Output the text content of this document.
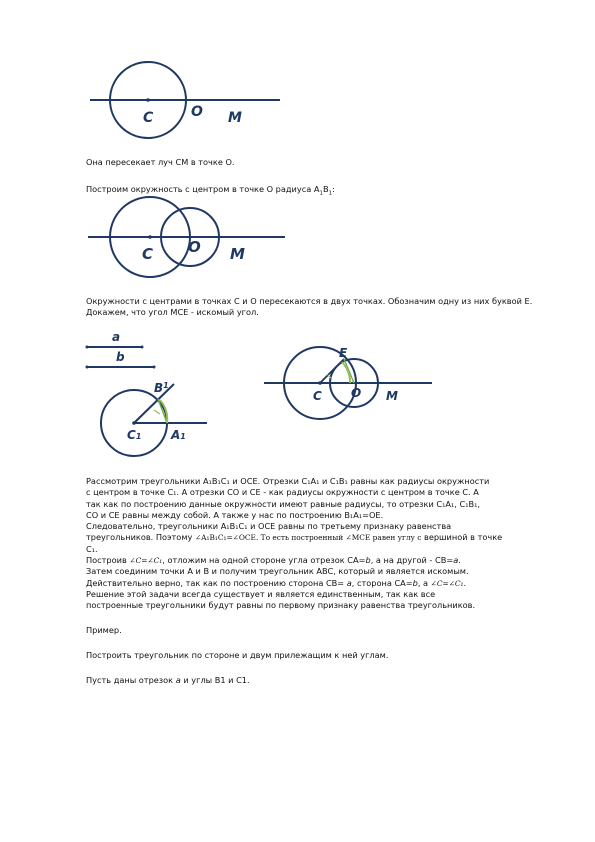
C	O M

Она пересекает луч СМ в точке О.

Построим окружность с центром в точке О радиуса $А_1В_1$:

C O M

Окружности с центрами в точках С и О пересекаются в двух точках. Обозначим одну из них буквой Е. Докажем, что угол МСЕ - искомый угол.

a
b
$B^1$
C1 A1
E
C O M
Рассмотрим треугольники A₁B₁C₁ и OCE. Отрезки C₁A₁ и C₁B₁ равны как радиусы окружности
с центром в точке C₁. А отрезки CO и CE - как радиусы окружности с центром в точке C. А
так как по построению данные окружности имеют равные радиусы, то отрезки C₁A₁, C₁B₁,
CO и CE равны между собой. А также у нас по построению B₁A₁=OE.
Следовательно, треугольники A₁B₁C₁ и OCE равны по третьему признаку равенства
треугольников. Поэтому ∠A₁B₁C₁=∠OCE. То есть построенный ∠MCE равен углу с вершиной в точке
C₁.
Построив ∠C=∠C₁, отложим на одной стороне угла отрезок CA=b, а на другой - CB=a.
Затем соединим точки A и B и получим треугольник ABC, который и является искомым.
Действительно верно, так как по построению сторона CB= a, сторона CA=b, а ∠C=∠C₁.
Решение этой задачи всегда существует и является единственным, так как все
построенные треугольники будут равны по первому признаку равенства треугольников.

Пример.

Построить треугольник по стороне и двум прилежащим к ней углам.

Пусть даны отрезок a и углы B1 и C1.
